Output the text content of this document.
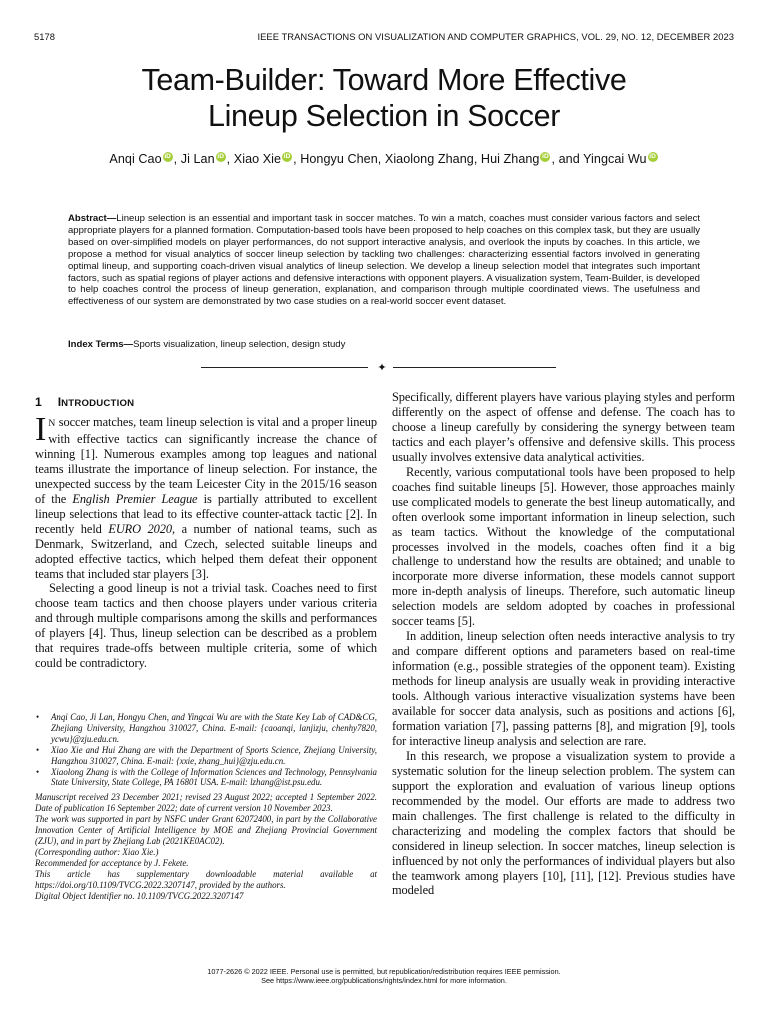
5178	IEEE TRANSACTIONS ON VISUALIZATION AND COMPUTER GRAPHICS, VOL. 29, NO. 12, DECEMBER 2023
Team-Builder: Toward More Effective
Lineup Selection in Soccer
Anqi Cao iD , Ji Lan iD , Xiao Xie iD , Hongyu Chen, Xiaolong Zhang, Hui Zhang iD , and Yingcai Wu iD
Abstract—Lineup selection is an essential and important task in soccer matches. To win a match, coaches must consider various factors and select appropriate players for a planned formation. Computation-based tools have been proposed to help coaches on this complex task, but they are usually based on over-simplified models on player performances, do not support interactive analysis, and overlook the inputs by coaches. In this article, we propose a method for visual analytics of soccer lineup selection by tackling two challenges: characterizing essential factors involved in generating optimal lineup, and supporting coach-driven visual analytics of lineup selection. We develop a lineup selection model that integrates such important factors, such as spatial regions of player actions and defensive interactions with opponent players. A visualization system, Team-Builder, is developed to help coaches control the process of lineup generation, explanation, and comparison through multiple coordinated views. The usefulness and effectiveness of our system are demonstrated by two case studies on a real-world soccer event dataset.
Index Terms—Sports visualization, lineup selection, design study
✦
1 INTRODUCTION

I N soccer matches, team lineup selection is vital and a proper lineup with effective tactics can significantly increase the chance of winning [1]. Numerous examples among top leagues and national teams illustrate the importance of lineup selection. For instance, the unexpected success by the team Leicester City in the 2015/16 season of the English Premier League is partially attributed to excellent lineup selections that lead to its effective counter-attack tactic [2]. In recently held EURO 2020, a number of national teams, such as Denmark, Switzerland, and Czech, selected suitable lineups and adopted effective tactics, which helped them defeat their opponent teams that included star players [3].

Selecting a good lineup is not a trivial task. Coaches need to first choose team tactics and then choose players under various criteria and through multiple comparisons among the skills and performances of players [4]. Thus, lineup selection can be described as a problem that requires trade-offs between multiple criteria, some of which could be contradictory.

• Anqi Cao, Ji Lan, Hongyu Chen, and Yingcai Wu are with the State Key Lab of CAD&CG, Zhejiang University, Hangzhou 310027, China. E-mail: {caoanqi, lanjizju, chenhy7820, ycwu}@zju.edu.cn.
• Xiao Xie and Hui Zhang are with the Department of Sports Science, Zhejiang University, Hangzhou 310027, China. E-mail: {xxie, zhang_hui}@zju.edu.cn.
• Xiaolong Zhang is with the College of Information Sciences and Technology, Pennsylvania State University, State College, PA 16801 USA. E-mail: lzhang@ist.psu.edu.
Manuscript received 23 December 2021; revised 23 August 2022; accepted 1 September 2022. Date of publication 16 September 2022; date of current version 10 November 2023.
The work was supported in part by NSFC under Grant 62072400, in part by the Collaborative Innovation Center of Artificial Intelligence by MOE and Zhejiang Provincial Government (ZJU), and in part by Zhejiang Lab (2021KE0AC02).
(Corresponding author: Xiao Xie.)
Recommended for acceptance by J. Fekete.
This article has supplementary downloadable material available at https://doi.org/10.1109/TVCG.2022.3207147, provided by the authors.
Digital Object Identifier no. 10.1109/TVCG.2022.3207147

Specifically, different players have various playing styles and perform differently on the aspect of offense and defense. The coach has to choose a lineup carefully by considering the synergy between team tactics and each player’s offensive and defensive skills. This process usually involves extensive data analytical activities.

Recently, various computational tools have been proposed to help coaches find suitable lineups [5]. However, those approaches mainly use complicated models to generate the best lineup automatically, and often overlook some important information in lineup selection, such as team tactics. Without the knowledge of the computational processes involved in the models, coaches often find it a big challenge to understand how the results are obtained; and unable to incorporate more diverse information, these models cannot support more in-depth analysis of lineups. Therefore, such automatic lineup selection models are seldom adopted by coaches in professional soccer teams [5].

In addition, lineup selection often needs interactive analysis to try and compare different options and parameters based on real-time information (e.g., possible strategies of the opponent team). Existing methods for lineup analysis are usually weak in providing interactive tools. Although various interactive visualization systems have been available for soccer data analysis, such as positions and actions [6], formation variation [7], passing patterns [8], and migration [9], tools for interactive lineup analysis and selection are rare.

In this research, we propose a visualization system to provide a systematic solution for the lineup selection problem. The system can support the exploration and evaluation of various lineup options recommended by the model. Our efforts are made to address two main challenges. The first challenge is related to the difficulty in characterizing and modeling the complex factors that should be considered in lineup selection. In soccer matches, lineup selection is influenced by not only the performances of individual players but also the teamwork among players [10], [11], [12]. Previous studies have modeled

1077-2626 © 2022 IEEE. Personal use is permitted, but republication/redistribution requires IEEE permission.
See https://www.ieee.org/publications/rights/index.html for more information.
